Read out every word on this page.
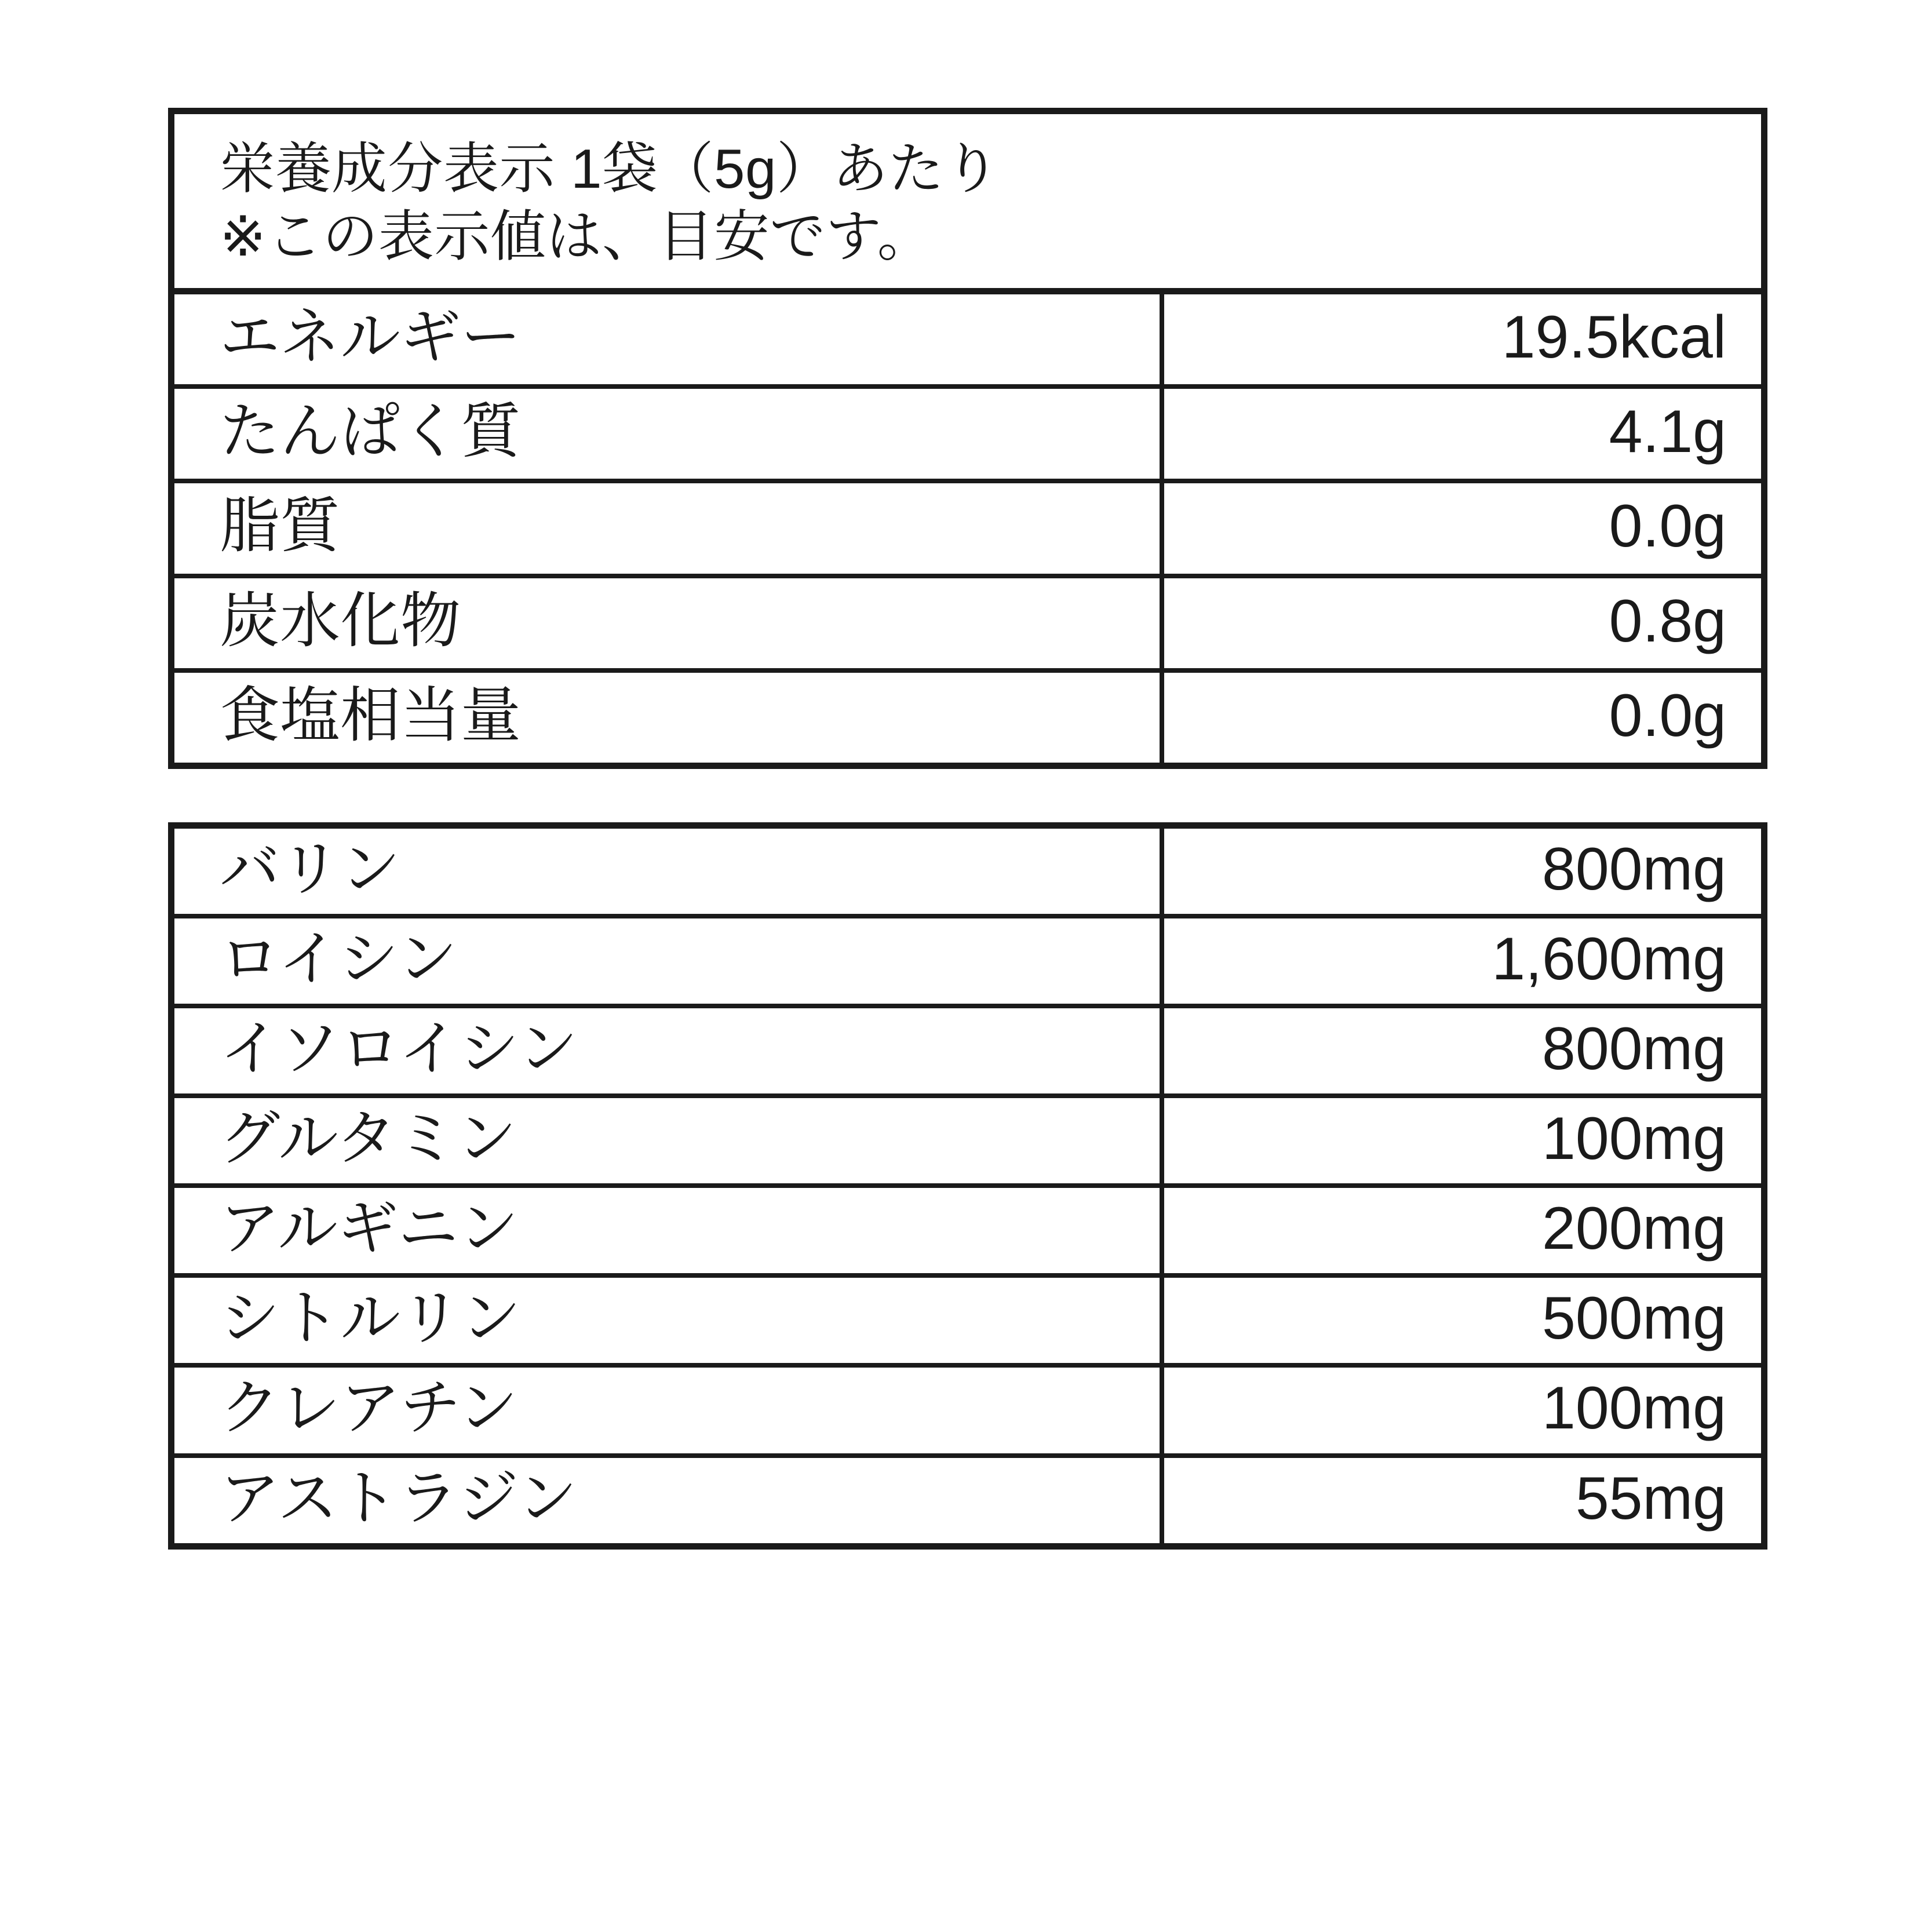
栄養成分表示 1袋（5g）あたり
※この表示値は、目安です。
エネルギー	19.5kcal
たんぱく質	4.1g
脂質	0.0g
炭水化物	0.8g
食塩相当量	0.0g
バリン	800mg
ロイシン	1,600mg
イソロイシン	800mg
グルタミン	100mg
アルギニン	200mg
シトルリン	500mg
クレアチン	100mg
アストラジン	55mg
